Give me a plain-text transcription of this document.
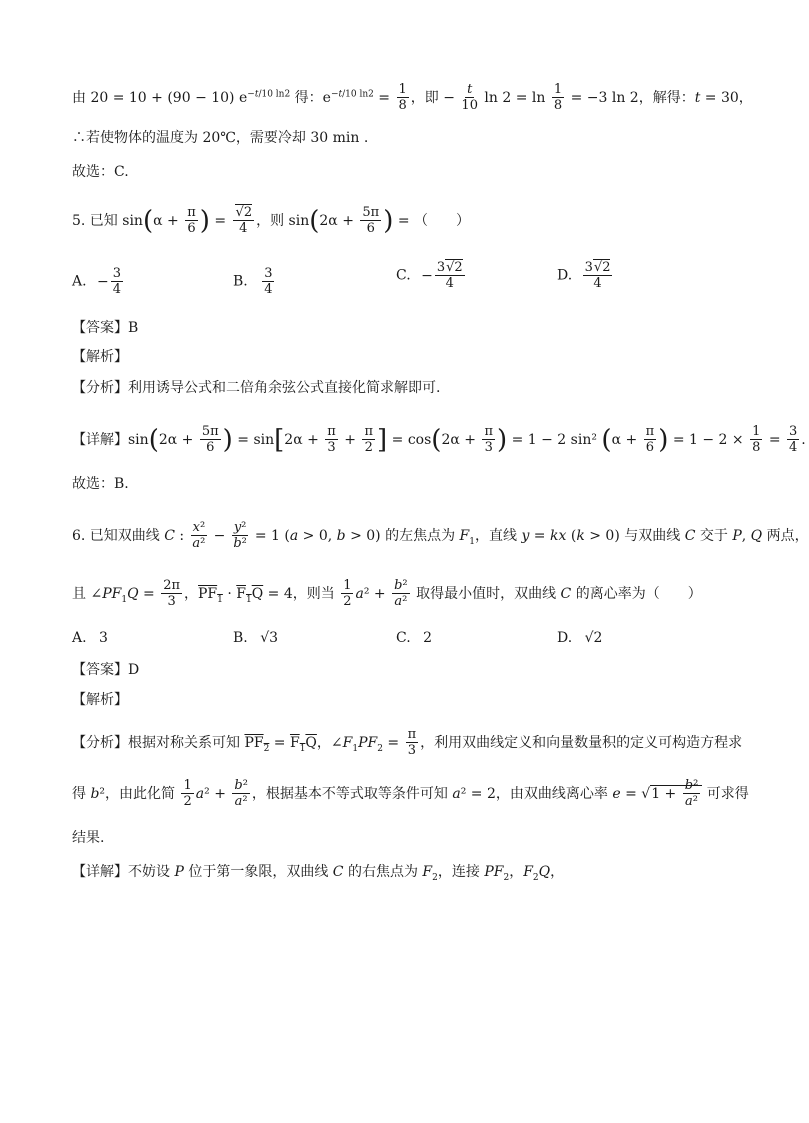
由 20 = 10 + (90 − 10) $e^{-t/10 ln2}$ 得：$e^{-t/10 ln2} = \frac{1}{8}$ ，即 − $\frac{t}{10}$ $\ln 2 = \ln \frac{1}{8} = -3$ ln 2，解得：t = 30，
∴若使物体的温度为 20℃，需要冷却 30 min .
故选：C.
5. 已知 $\sin(\alpha + \frac{\pi}{6}$ ) = $\frac{√2}{4}$ ，则 $\sin(2\alpha + \frac{5\pi}{6}$ ) = （　　）
A. − $\frac{3}{4}$	B. $\frac{3}{4}$	C. − $\frac{3√2}{4}$	D. $\frac{3√2}{4}$
【答案】B
【解析】
【分析】利用诱导公式和二倍角余弦公式直接化简求解即可.
【详解】$\sin(2\alpha + \frac{5\pi}{6}$ ) = $\sin[2\alpha + \frac{\pi}{3} + \frac{\pi}{2}$ ] = $\cos(2\alpha + \frac{\pi}{3}$ ) = 1 − 2 sin² ($\alpha + \frac{\pi}{6}$ ) = $1 - 2 \times \frac{1}{8} = \frac{3}{4}$ .
故选：B.
6. 已知双曲线 C : $\frac{\text{x²}}{\text{a²}} - \frac{\text{y²}}{\text{b²}} = 1$ (a > 0, b > 0) 的左焦点为 $F_1$，直线 y = kx (k > 0) 与双曲线 C 交于 P, Q 两点，
且 $\angle PF_1Q = \frac{2\pi}{3}$ ，$PF_1 \cdot F_1Q = 4$，则当 $\frac{1}{2} a^2 + \frac{\text{b²}}{\text{a²}}$ 取得最小值时，双曲线 C 的离心率为（　　）
A. 3	B. √3	C. 2	D. √2
【答案】D
【解析】
【分析】根据对称关系可知 $PF_2 = F_1Q$，$\angle F_1PF_2 = \frac{\pi}{3}$ ，利用双曲线定义和向量数量积的定义可构造方程求
得 b²，由此化简 $\frac{1}{2} a^2 + \frac{\text{b²}}{\text{a²}}$ ，根据基本不等式取等条件可知 a² = 2，由双曲线离心率 $e = √1 + \frac{\text{b²}}{\text{a²}}$ 可求得
结果.
【详解】不妨设 P 位于第一象限，双曲线 C 的右焦点为 $F_2$，连接 $PF_2$，$F_2Q$，
